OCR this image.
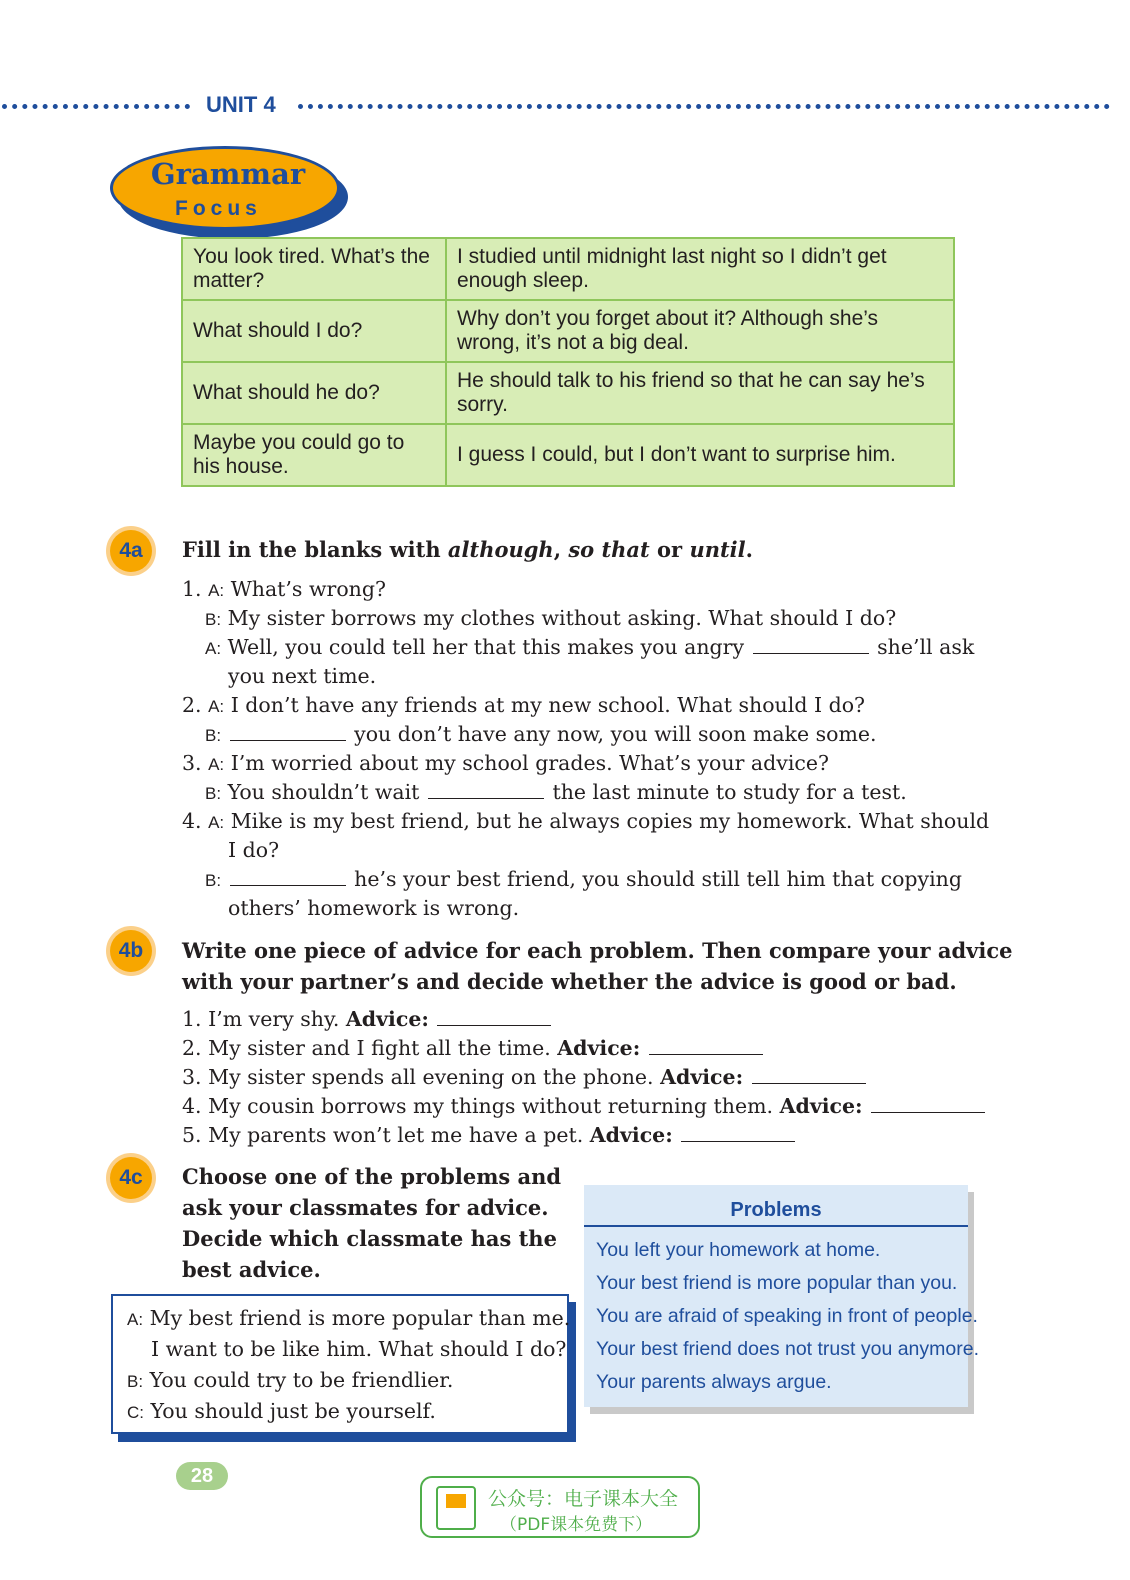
UNIT 4
Grammar
Focus
You look tired. What’s the matter?	I studied until midnight last night so I didn’t get enough sleep.
What should I do?	Why don’t you forget about it? Although she’s wrong, it’s not a big deal.
What should he do?	He should talk to his friend so that he can say he’s sorry.
Maybe you could go to his house.	I guess I could, but I don’t want to surprise him.
4a	Fill in the blanks with although, so that or until.
1. A: What’s wrong?
B: My sister borrows my clothes without asking. What should I do?
A: Well, you could tell her that this makes you angry	she’ll ask
you next time.
2. A: I don’t have any friends at my new school. What should I do?
B:	you don’t have any now, you will soon make some.
3. A: I’m worried about my school grades. What’s your advice?
B: You shouldn’t wait	the last minute to study for a test.
4. A: Mike is my best friend, but he always copies my homework. What should
I do?
B:	he’s your best friend, you should still tell him that copying
others’ homework is wrong.
4b	Write one piece of advice for each problem. Then compare your advice
with your partner’s and decide whether the advice is good or bad.
1. I’m very shy. Advice:
2. My sister and I fight all the time. Advice:
3. My sister spends all evening on the phone. Advice:
4. My cousin borrows my things without returning them. Advice:
5. My parents won’t let me have a pet. Advice:
4c	Choose one of the problems and
ask your classmates for advice.
Decide which classmate has the
best advice.
A: My best friend is more popular than me.
I want to be like him. What should I do?
B: You could try to be friendlier.
C: You should just be yourself.
Problems
You left your homework at home.
Your best friend is more popular than you.
You are afraid of speaking in front of people.
Your best friend does not trust you anymore.
Your parents always argue.
28
公众号：电子课本大全
（PDF课本免费下）
